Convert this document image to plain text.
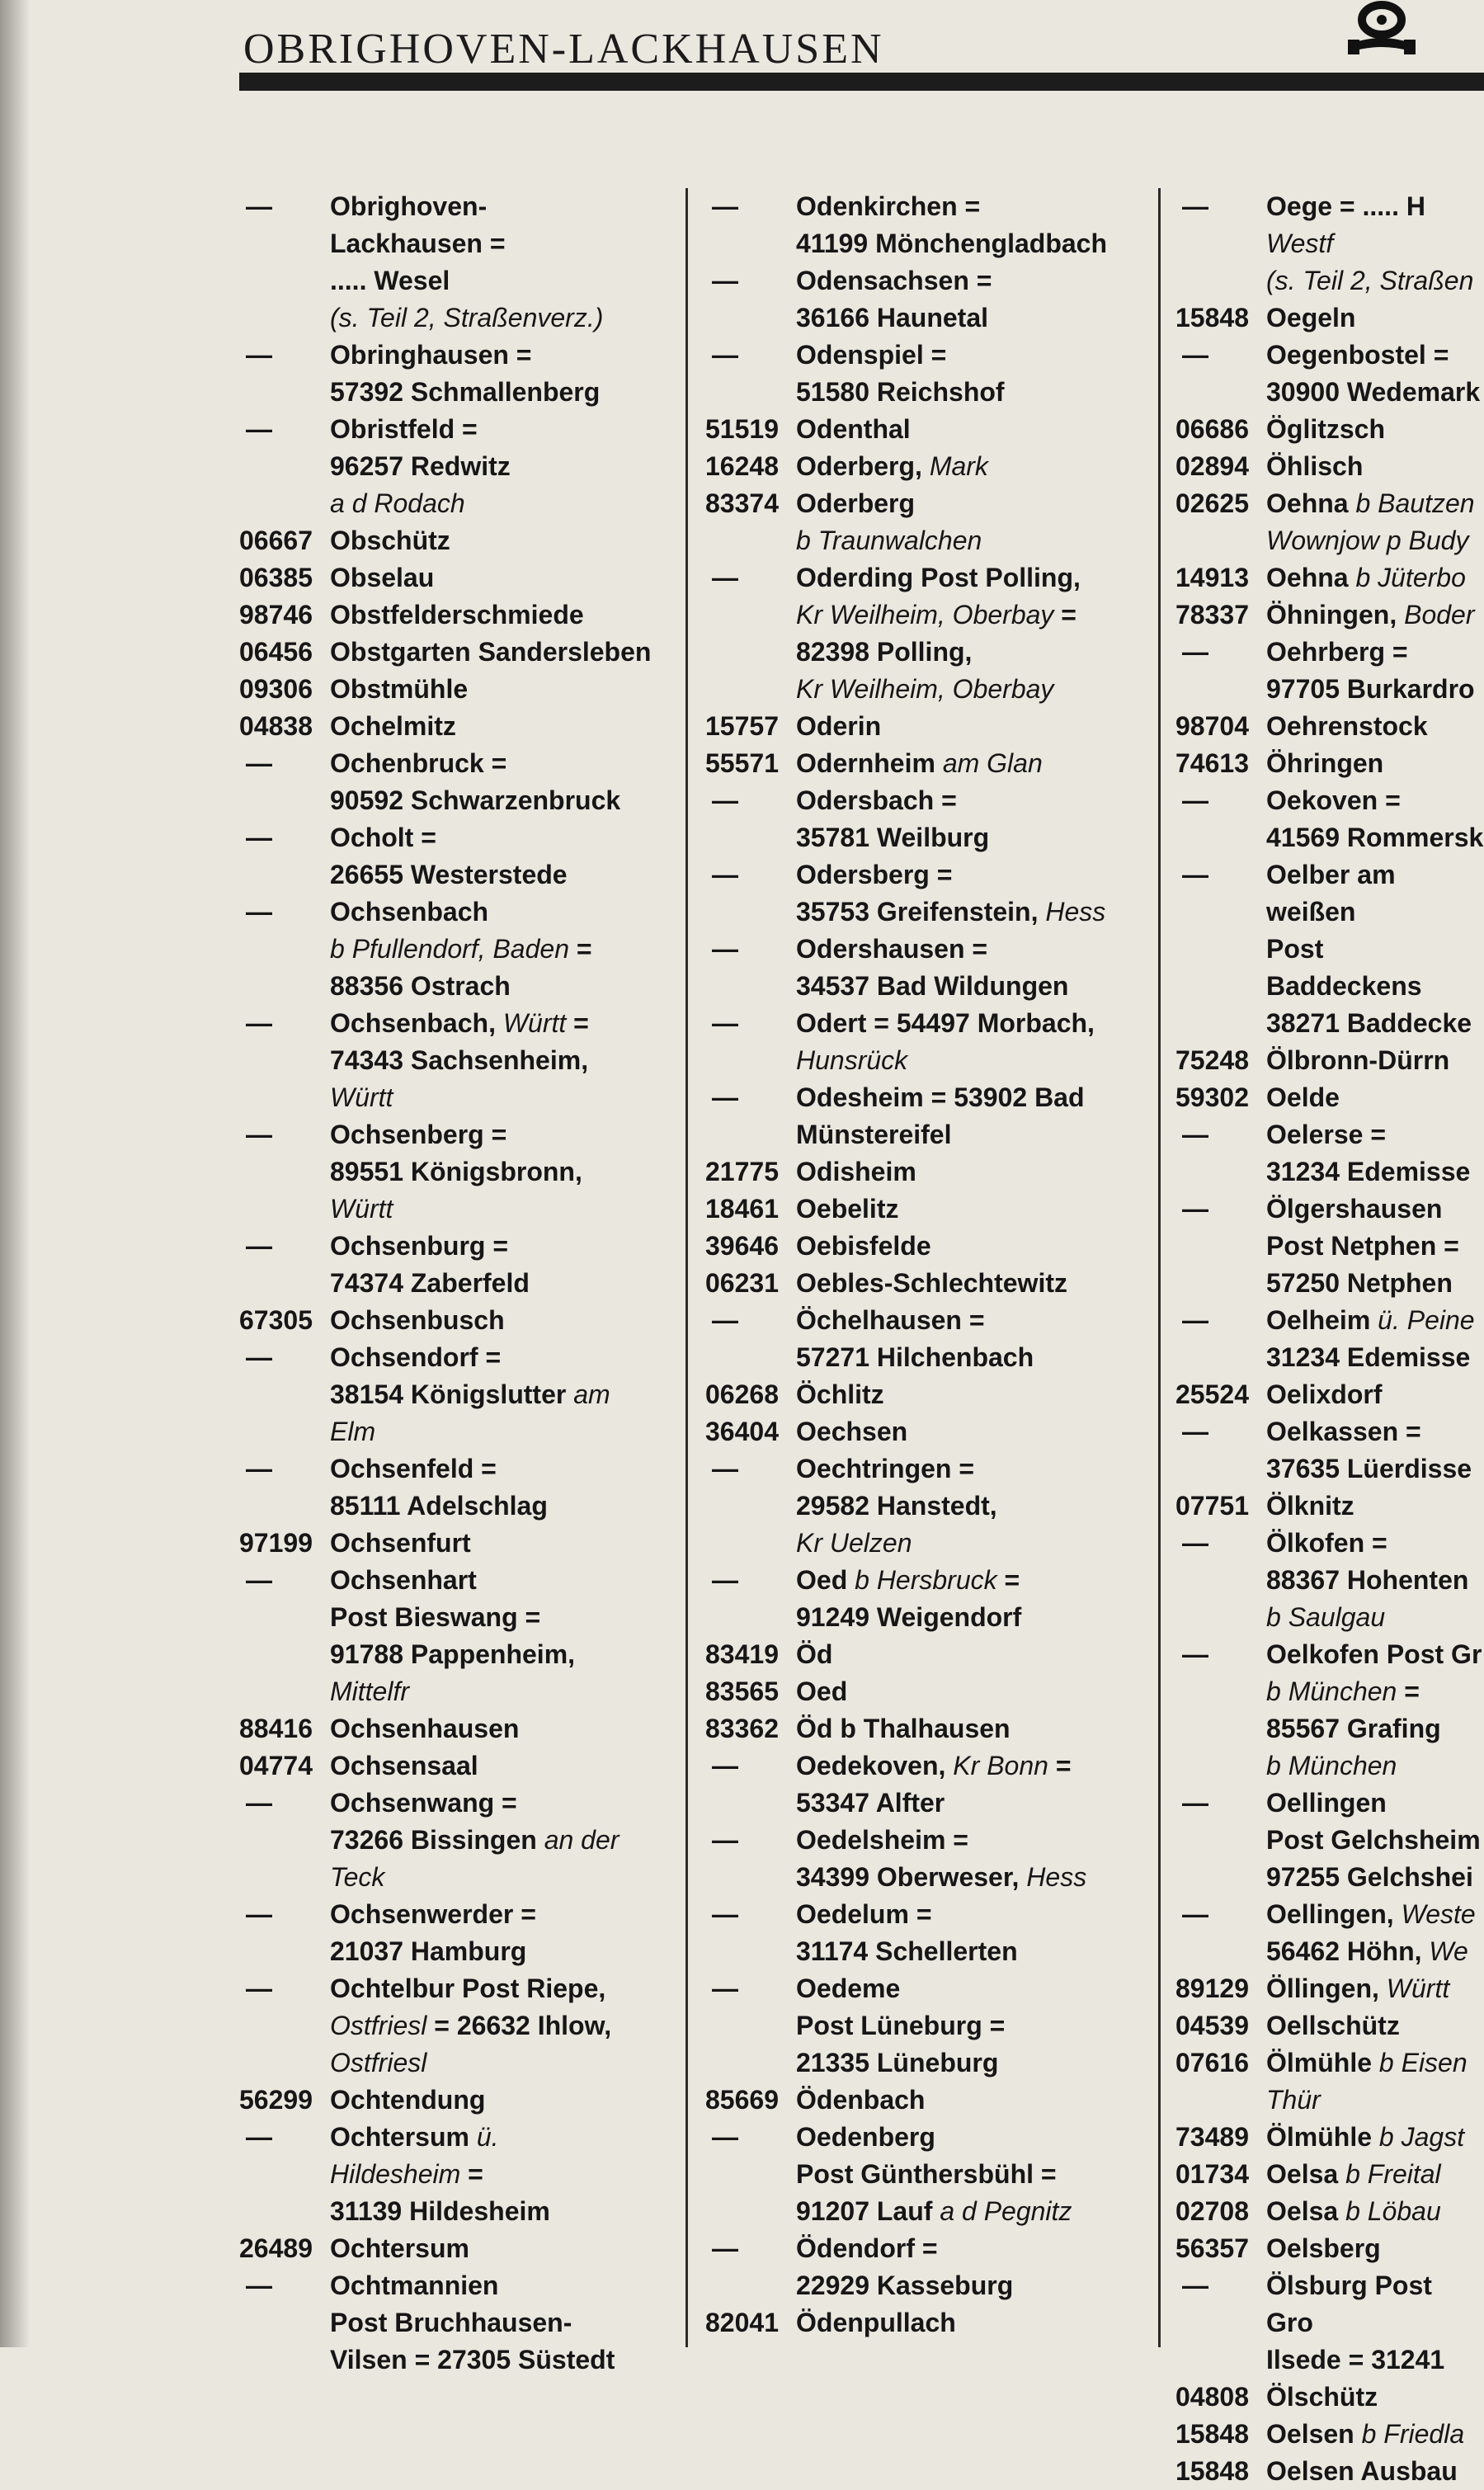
OBRIGHOVEN-LACKHAUSEN
—	Obrighoven-
Lackhausen =
..... Wesel
(s. Teil 2, Straßenverz.)
—	Obringhausen =
57392 Schmallenberg
—	Obristfeld =
96257 Redwitz
a d Rodach
06667 Obschütz
06385 Obselau
98746 Obstfelderschmiede
06456 Obstgarten Sandersleben
09306 Obstmühle
04838 Ochelmitz
—	Ochenbruck =
90592 Schwarzenbruck
—	Ocholt =
26655 Westerstede
—	Ochsenbach
b Pfullendorf, Baden =
88356 Ostrach
—	Ochsenbach, Württ =
74343 Sachsenheim,
Württ
—	Ochsenberg =
89551 Königsbronn,
Württ
—	Ochsenburg =
74374 Zaberfeld
67305 Ochsenbusch
—	Ochsendorf =
38154 Königslutter am
Elm
—	Ochsenfeld =
85111 Adelschlag
97199 Ochsenfurt
—	Ochsenhart
Post Bieswang =
91788 Pappenheim,
Mittelfr
88416 Ochsenhausen
04774 Ochsensaal
—	Ochsenwang =
73266 Bissingen an der
Teck
—	Ochsenwerder =
21037 Hamburg
—	Ochtelbur Post Riepe,
Ostfriesl = 26632 Ihlow,
Ostfriesl
56299 Ochtendung
—	Ochtersum ü.
Hildesheim =
31139 Hildesheim
26489 Ochtersum
—	Ochtmannien
Post Bruchhausen-
Vilsen = 27305 Süstedt
—	Odenkirchen =
41199 Mönchengladbach
—	Odensachsen =
36166 Haunetal
—	Odenspiel =
51580 Reichshof
51519 Odenthal
16248 Oderberg, Mark
83374 Oderberg
b Traunwalchen
—	Oderding Post Polling,
Kr Weilheim, Oberbay =
82398 Polling,
Kr Weilheim, Oberbay
15757 Oderin
55571 Odernheim am Glan
—	Odersbach =
35781 Weilburg
—	Odersberg =
35753 Greifenstein, Hess
—	Odershausen =
34537 Bad Wildungen
—	Odert = 54497 Morbach,
Hunsrück
—	Odesheim = 53902 Bad
Münstereifel
21775 Odisheim
18461 Oebelitz
39646 Oebisfelde
06231 Oebles-Schlechtewitz
—	Öchelhausen =
57271 Hilchenbach
06268 Öchlitz
36404 Oechsen
—	Oechtringen =
29582 Hanstedt,
Kr Uelzen
—	Oed b Hersbruck =
91249 Weigendorf
83419 Öd
83565 Oed
83362 Öd b Thalhausen
—	Oedekoven, Kr Bonn =
53347 Alfter
—	Oedelsheim =
34399 Oberweser, Hess
—	Oedelum =
31174 Schellerten
—	Oedeme
Post Lüneburg =
21335 Lüneburg
85669 Ödenbach
—	Oedenberg
Post Günthersbühl =
91207 Lauf a d Pegnitz
—	Ödendorf =
22929 Kasseburg
82041 Ödenpullach
—	Oege = ..... H
Westf
(s. Teil 2, Straßen
15848 Oegeln
—	Oegenbostel =
30900 Wedemark
06686 Öglitzsch
02894 Öhlisch
02625 Oehna b Bautzen
Wownjow p Budy
14913 Oehna b Jüterbo
78337 Öhningen, Boder
—	Oehrberg =
97705 Burkardro
98704 Oehrenstock
74613 Öhringen
—	Oekoven =
41569 Rommersk
—	Oelber am weißen
Post Baddeckens
38271 Baddecke
75248 Ölbronn-Dürrn
59302 Oelde
—	Oelerse =
31234 Edemisse
—	Ölgershausen
Post Netphen =
57250 Netphen
—	Oelheim ü. Peine
31234 Edemisse
25524 Oelixdorf
—	Oelkassen =
37635 Lüerdisse
07751 Ölknitz
—	Ölkofen =
88367 Hohenten
b Saulgau
—	Oelkofen Post Gr
b München =
85567 Grafing
b München
—	Oellingen
Post Gelchsheim
97255 Gelchshei
—	Oellingen, Weste
56462 Höhn, We
89129 Öllingen, Württ
04539 Oellschütz
07616 Ölmühle b Eisen
Thür
73489 Ölmühle b Jagst
01734 Oelsa b Freital
02708 Oelsa b Löbau
56357 Oelsberg
—	Ölsburg Post Gro
Ilsede = 31241
04808 Ölschütz
15848 Oelsen b Friedla
15848 Oelsen Ausbau
